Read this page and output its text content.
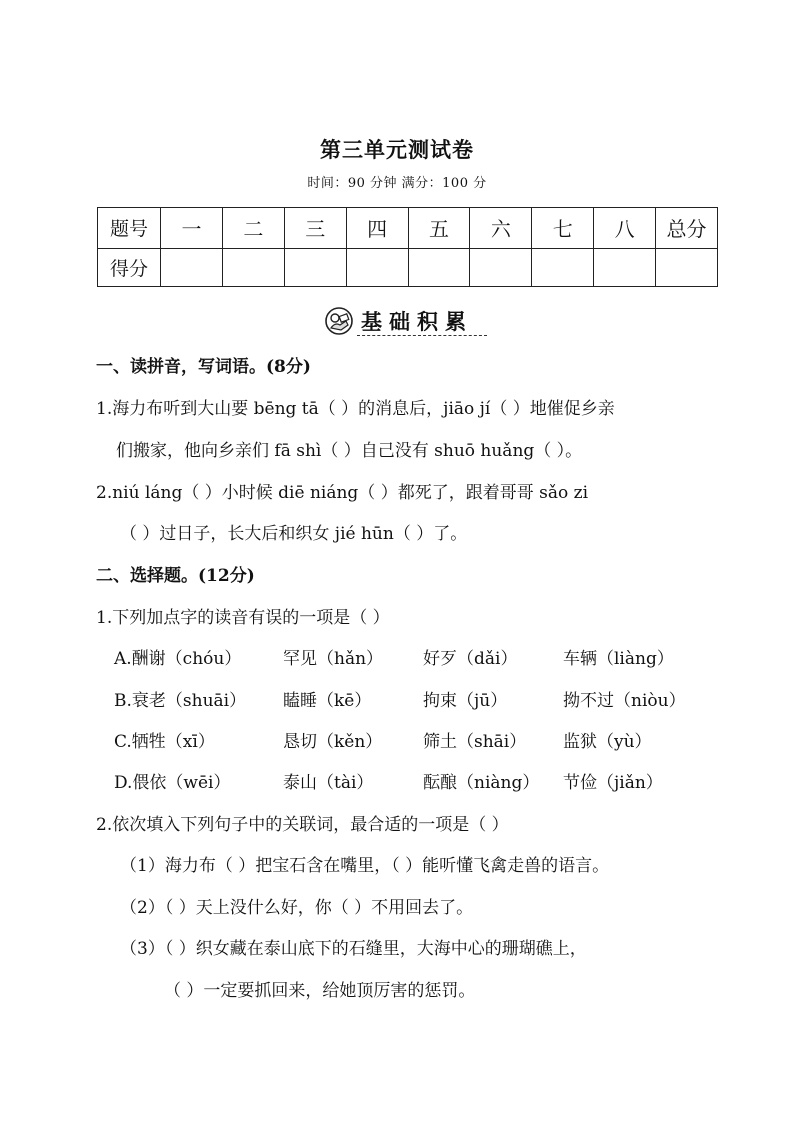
第三单元测试卷
时间：90 分钟 满分：100 分
题号	一	二	三	四	五	六	七	八	总分
得分									
基础积累
一、读拼音，写词语。(8分)
1.海力布听到大山要 bēng tā（ ）的消息后，jiāo jí（ ）地催促乡亲
们搬家，他向乡亲们 fā shì（ ）自己没有 shuō huǎng（ ）。
2.niú láng（ ）小时候 diē niáng（ ）都死了，跟着哥哥 sǎo zi
（ ）过日子，长大后和织女 jié hūn（ ）了。
二、选择题。(12分)
1.下列加点字的读音有误的一项是（ ）
A.酬谢（chóu） 罕见（hǎn） 好歹（dǎi）	车辆（liàng）
B.衰老（shuāi） 瞌睡（kē）	拘束（jū）	拗不过（niòu）
C.牺牲（xī）	恳切（kěn） 筛土（shāi） 监狱（yù）
D.偎依（wēi）	泰山（tài）	酝酿（niàng） 节俭（jiǎn）
2.依次填入下列句子中的关联词，最合适的一项是（ ）
（1）海力布（ ）把宝石含在嘴里，（ ）能听懂飞禽走兽的语言。
（2）（ ）天上没什么好，你（ ）不用回去了。
（3）（ ）织女藏在泰山底下的石缝里，大海中心的珊瑚礁上，
（ ）一定要抓回来，给她顶厉害的惩罚。
